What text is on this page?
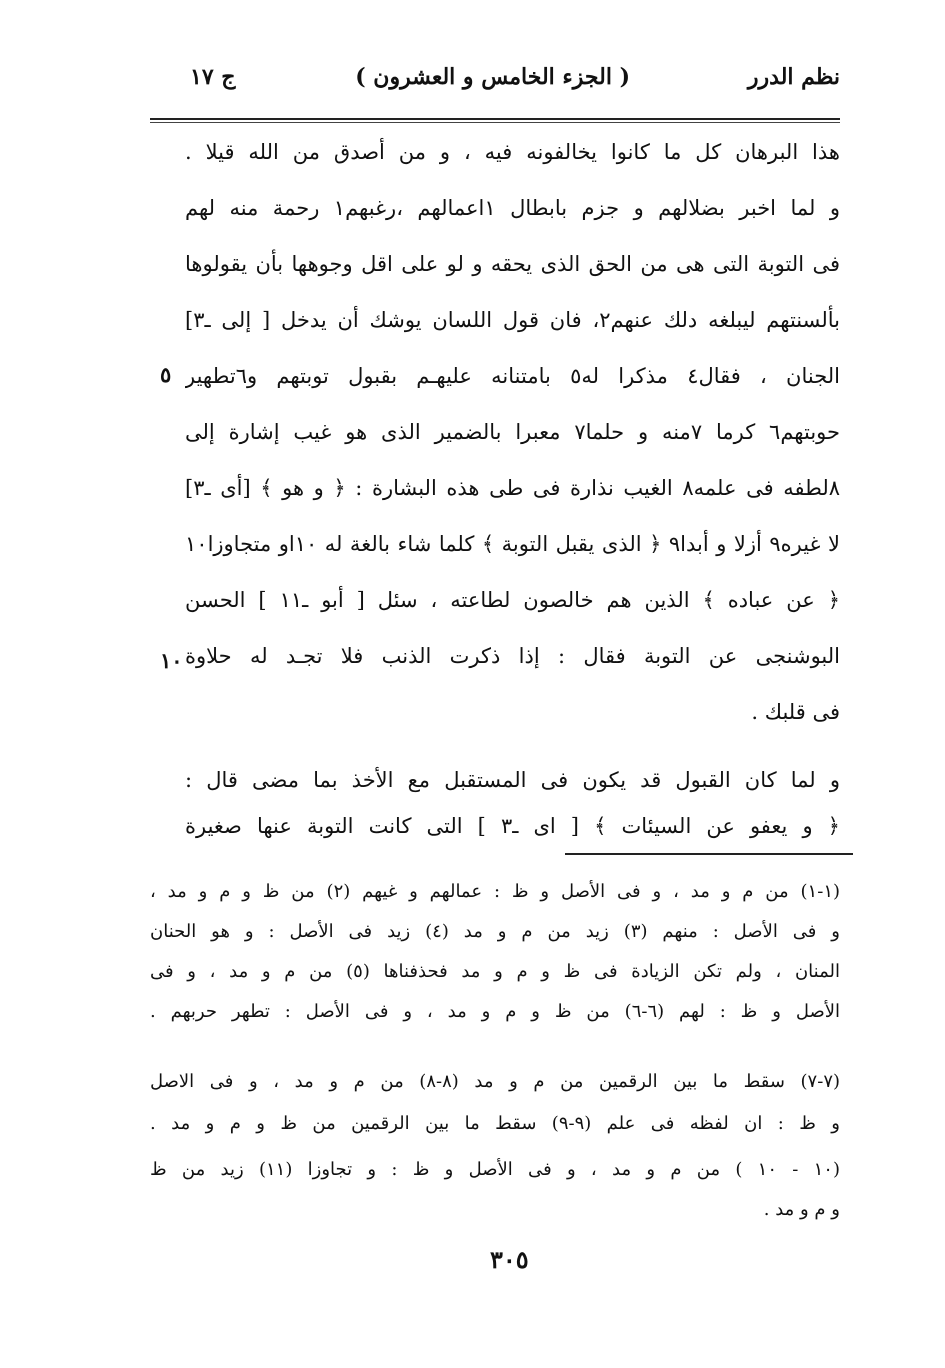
نظم الدرر
( الجزء الخامس و العشرون )
ج ١٧
هذا البرهان كل ما كانوا يخالفونه فيه ، و من أصدق من الله قيلا .
و لما اخبر بضلالهم و جزم بابطال ١اعمالهم ،رغبهم١ رحمة منه لهم
فى التوبة التى هى من الحق الذى يحقه و لو على اقل وجوهها بأن يقولوها
بألسنتهم ليبلغه دلك عنهم٢، فان قول اللسان يوشك أن يدخل [ إلى ـ٣]
الجنان ، فقال٤ مذكرا له٥ بامتنانه عليهـم بقبول توبتهم و٦تطهير
٥
حوبتهم٦ كرما ٧منه و حلما٧ معبرا بالضمير الذى هو غيب إشارة إلى
٨لطفه فى علمه٨ الغيب نذارة فى طى هذه البشارة : ﴿ و هو ﴾ [أى ـ٣]
لا غيره٩ أزلا و أبدا٩ ﴿ الذى يقبل التوبة ﴾ كلما شاء بالغة له ١٠او متجاوزا١٠
﴿ عن عباده ﴾ الذين هم خالصون لطاعته ، سئل [ أبو ـ١١ ] الحسن
البوشنجى عن التوبة فقال : إذا ذكرت الذنب فلا تجـد له حلاوة
١٠
فى قلبك .
و لما كان القبول قد يكون فى المستقبل مع الأخذ بما مضى قال :
﴿ و يعفو عن السيئات ﴾ [ اى ـ٣ ] التى كانت التوبة عنها صغيرة
(١-١) من م و مد ، و فى الأصل و ظ : عمالهم و غيهم (٢) من ظ و م و مد ،
و فى الأصل : منهم (٣) زيد من م و مد (٤) زيد فى الأصل : و هو الحنان
المنان ، ولم تكن الزيادة فى ظ و م و مد فحذفناها (٥) من م و مد ، و فى
الأصل و ظ : لهم (٦-٦) من ظ و م و مد ، و فى الأصل : تطهر حربهم .
(٧-٧) سقط ما بين الرقمين من م و مد (٨-٨) من م و مد ، و فى الاصل
و ظ : ان لفظه فى علم (٩-٩) سقط ما بين الرقمين من ظ و م و مد .
(١٠ - ١٠ ) من م و مد ، و فى الأصل و ظ : و تجاوزا (١١) زيد من ظ
و م و مد .
٣٠٥
